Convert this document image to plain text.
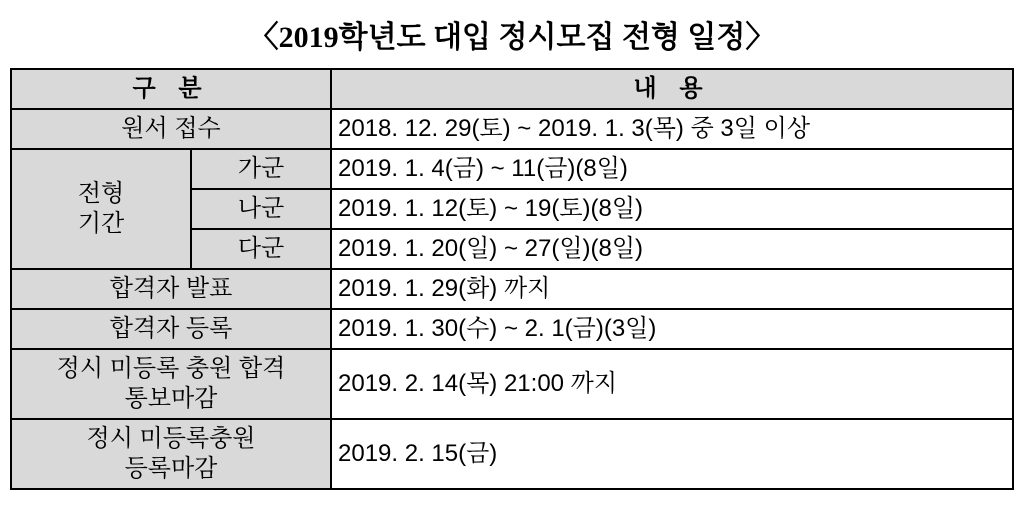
〈2019학년도 대입 정시모집 전형 일정〉
구 분		내 용
원서 접수		2018. 12. 29(토) ~ 2019. 1. 3(목) 중 3일 이상

전형
기간	가군	2019. 1. 4(금) ~ 11(금)(8일)
	나군	2019. 1. 12(토) ~ 19(토)(8일)
	다군	2019. 1. 20(일) ~ 27(일)(8일)
합격자 발표		2019. 1. 29(화) 까지
합격자 등록		2019. 1. 30(수) ~ 2. 1(금)(3일)

정시 미등록 충원 합격
통보마감		2019. 2. 14(목) 21:00 까지

정시 미등록충원
등록마감		2019. 2. 15(금)
